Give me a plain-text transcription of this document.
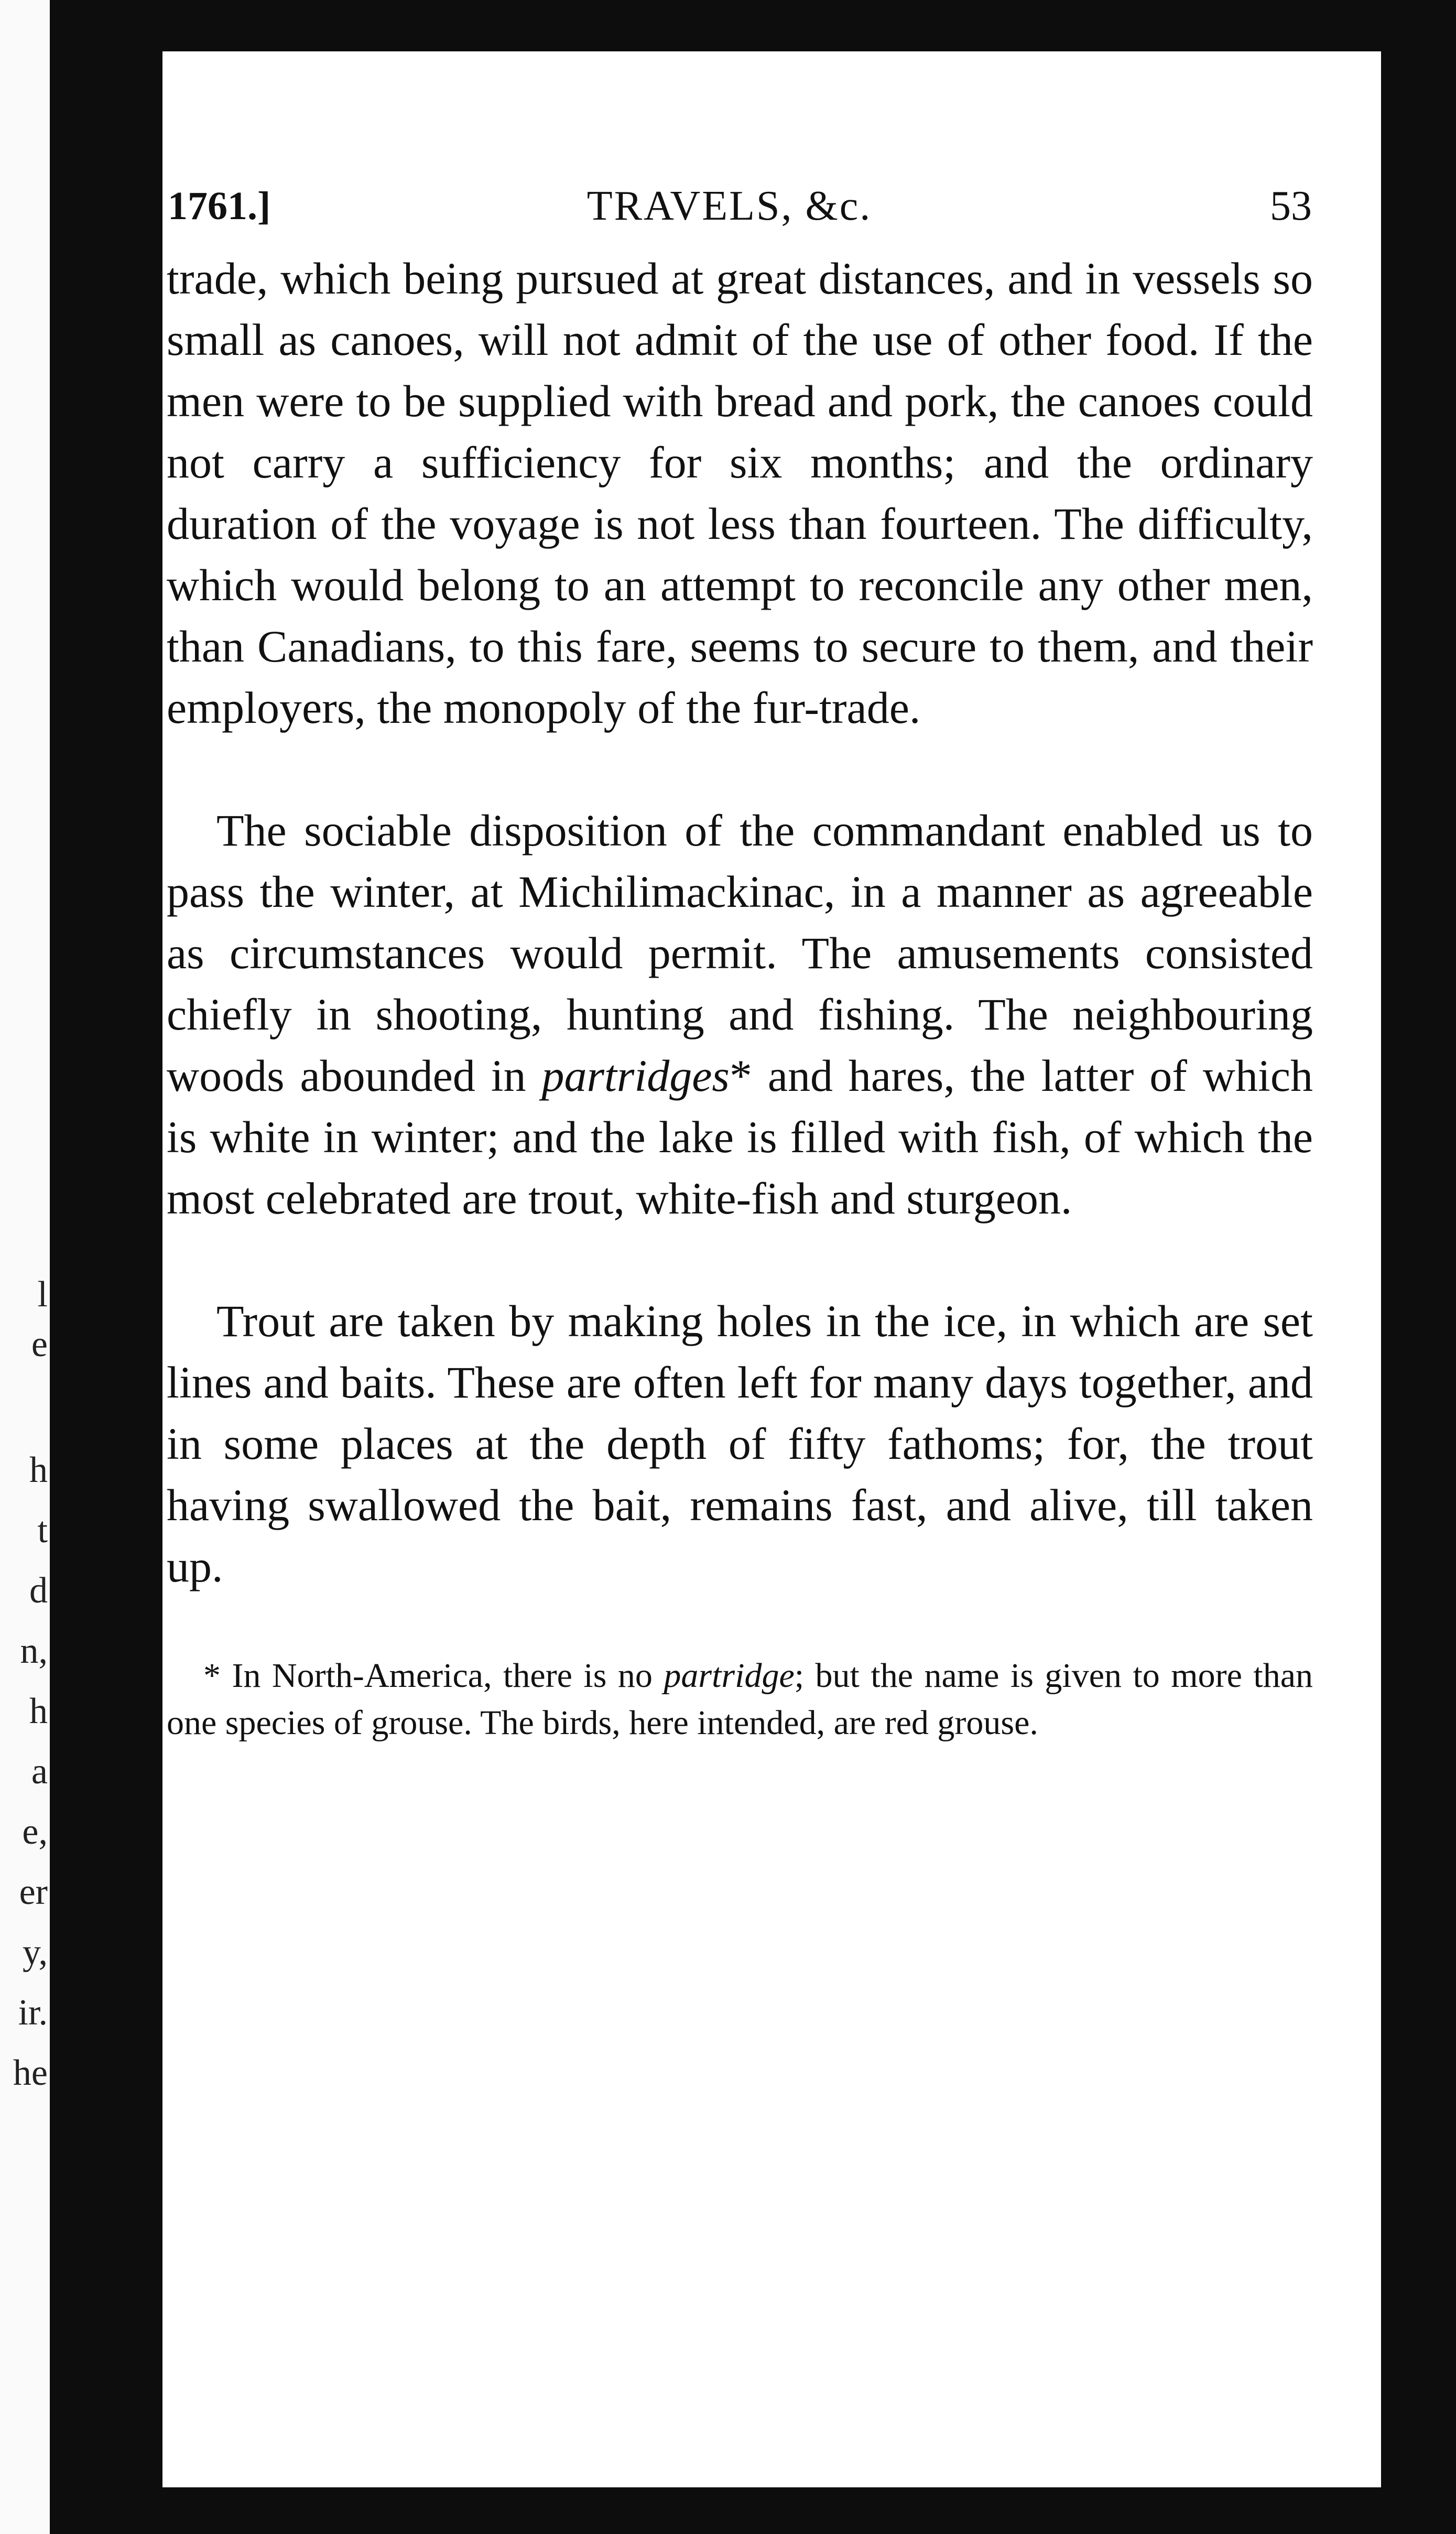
l
e
h
t
d
n,
h
a
e,
er
y,
ir.
he
1761.]	TRAVELS, &c.	53

trade, which being pursued at great distances, and in vessels so small as canoes, will not admit of the use of other food. If the men were to be supplied with bread and pork, the canoes could not carry a sufficiency for six months; and the ordinary duration of the voyage is not less than fourteen. The difficulty, which would belong to an attempt to reconcile any other men, than Canadians, to this fare, seems to secure to them, and their employers, the monopoly of the fur-trade.

The sociable disposition of the commandant enabled us to pass the winter, at Michilimackinac, in a manner as agreeable as circumstances would permit. The amusements consisted chiefly in shooting, hunting and fishing. The neighbouring woods abounded in partridges* and hares, the latter of which is white in winter; and the lake is filled with fish, of which the most celebrated are trout, white-fish and sturgeon.

Trout are taken by making holes in the ice, in which are set lines and baits. These are often left for many days together, and in some places at the depth of fifty fathoms; for, the trout having swallowed the bait, remains fast, and alive, till taken up.

* In North-America, there is no partridge; but the name is given to more than one species of grouse. The birds, here intended, are red grouse.
